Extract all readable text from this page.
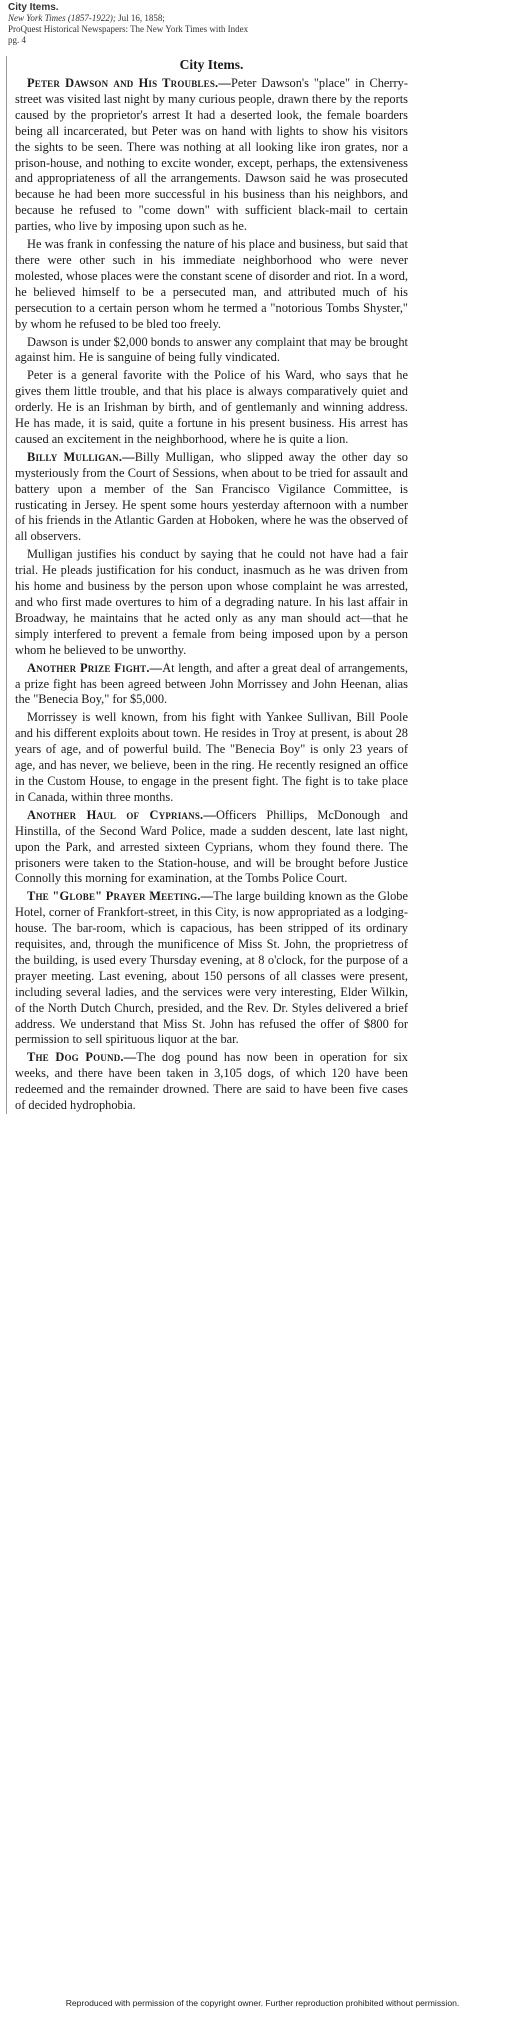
City Items.
New York Times (1857-1922); Jul 16, 1858;
ProQuest Historical Newspapers: The New York Times with Index
pg. 4
City Items.

Peter Dawson and His Troubles.—Peter Dawson's "place" in Cherry-street was visited last night by many curious people, drawn there by the reports caused by the proprietor's arrest It had a deserted look, the female boarders being all incarcerated, but Peter was on hand with lights to show his visitors the sights to be seen. There was nothing at all looking like iron grates, nor a prison-house, and nothing to excite wonder, except, perhaps, the extensiveness and appropriateness of all the arrangements. Dawson said he was prosecuted because he had been more successful in his business than his neighbors, and because he refused to "come down" with sufficient black-mail to certain parties, who live by imposing upon such as he.

He was frank in confessing the nature of his place and business, but said that there were other such in his immediate neighborhood who were never molested, whose places were the constant scene of disorder and riot. In a word, he believed himself to be a persecuted man, and attributed much of his persecution to a certain person whom he termed a "notorious Tombs Shyster," by whom he refused to be bled too freely.

Dawson is under $2,000 bonds to answer any complaint that may be brought against him. He is sanguine of being fully vindicated.

Peter is a general favorite with the Police of his Ward, who says that he gives them little trouble, and that his place is always comparatively quiet and orderly. He is an Irishman by birth, and of gentlemanly and winning address. He has made, it is said, quite a fortune in his present business. His arrest has caused an excitement in the neighborhood, where he is quite a lion.

Billy Mulligan.—Billy Mulligan, who slipped away the other day so mysteriously from the Court of Sessions, when about to be tried for assault and battery upon a member of the San Francisco Vigilance Committee, is rusticating in Jersey. He spent some hours yesterday afternoon with a number of his friends in the Atlantic Garden at Hoboken, where he was the observed of all observers.

Mulligan justifies his conduct by saying that he could not have had a fair trial. He pleads justification for his conduct, inasmuch as he was driven from his home and business by the person upon whose complaint he was arrested, and who first made overtures to him of a degrading nature. In his last affair in Broadway, he maintains that he acted only as any man should act—that he simply interfered to prevent a female from being imposed upon by a person whom he believed to be unworthy.

Another Prize Fight.—At length, and after a great deal of arrangements, a prize fight has been agreed between John Morrissey and John Heenan, alias the "Benecia Boy," for $5,000.

Morrissey is well known, from his fight with Yankee Sullivan, Bill Poole and his different exploits about town. He resides in Troy at present, is about 28 years of age, and of powerful build. The "Benecia Boy" is only 23 years of age, and has never, we believe, been in the ring. He recently resigned an office in the Custom House, to engage in the present fight. The fight is to take place in Canada, within three months.

Another Haul of Cyprians.—Officers Phillips, McDonough and Hinstilla, of the Second Ward Police, made a sudden descent, late last night, upon the Park, and arrested sixteen Cyprians, whom they found there. The prisoners were taken to the Station-house, and will be brought before Justice Connolly this morning for examination, at the Tombs Police Court.

The "Globe" Prayer Meeting.—The large building known as the Globe Hotel, corner of Frankfort-street, in this City, is now appropriated as a lodging-house. The bar-room, which is capacious, has been stripped of its ordinary requisites, and, through the munificence of Miss St. John, the proprietress of the building, is used every Thursday evening, at 8 o'clock, for the purpose of a prayer meeting. Last evening, about 150 persons of all classes were present, including several ladies, and the services were very interesting, Elder Wilkin, of the North Dutch Church, presided, and the Rev. Dr. Styles delivered a brief address. We understand that Miss St. John has refused the offer of $800 for permission to sell spirituous liquor at the bar.

The Dog Pound.—The dog pound has now been in operation for six weeks, and there have been taken in 3,105 dogs, of which 120 have been redeemed and the remainder drowned. There are said to have been five cases of decided hydrophobia.

Reproduced with permission of the copyright owner. Further reproduction prohibited without permission.
